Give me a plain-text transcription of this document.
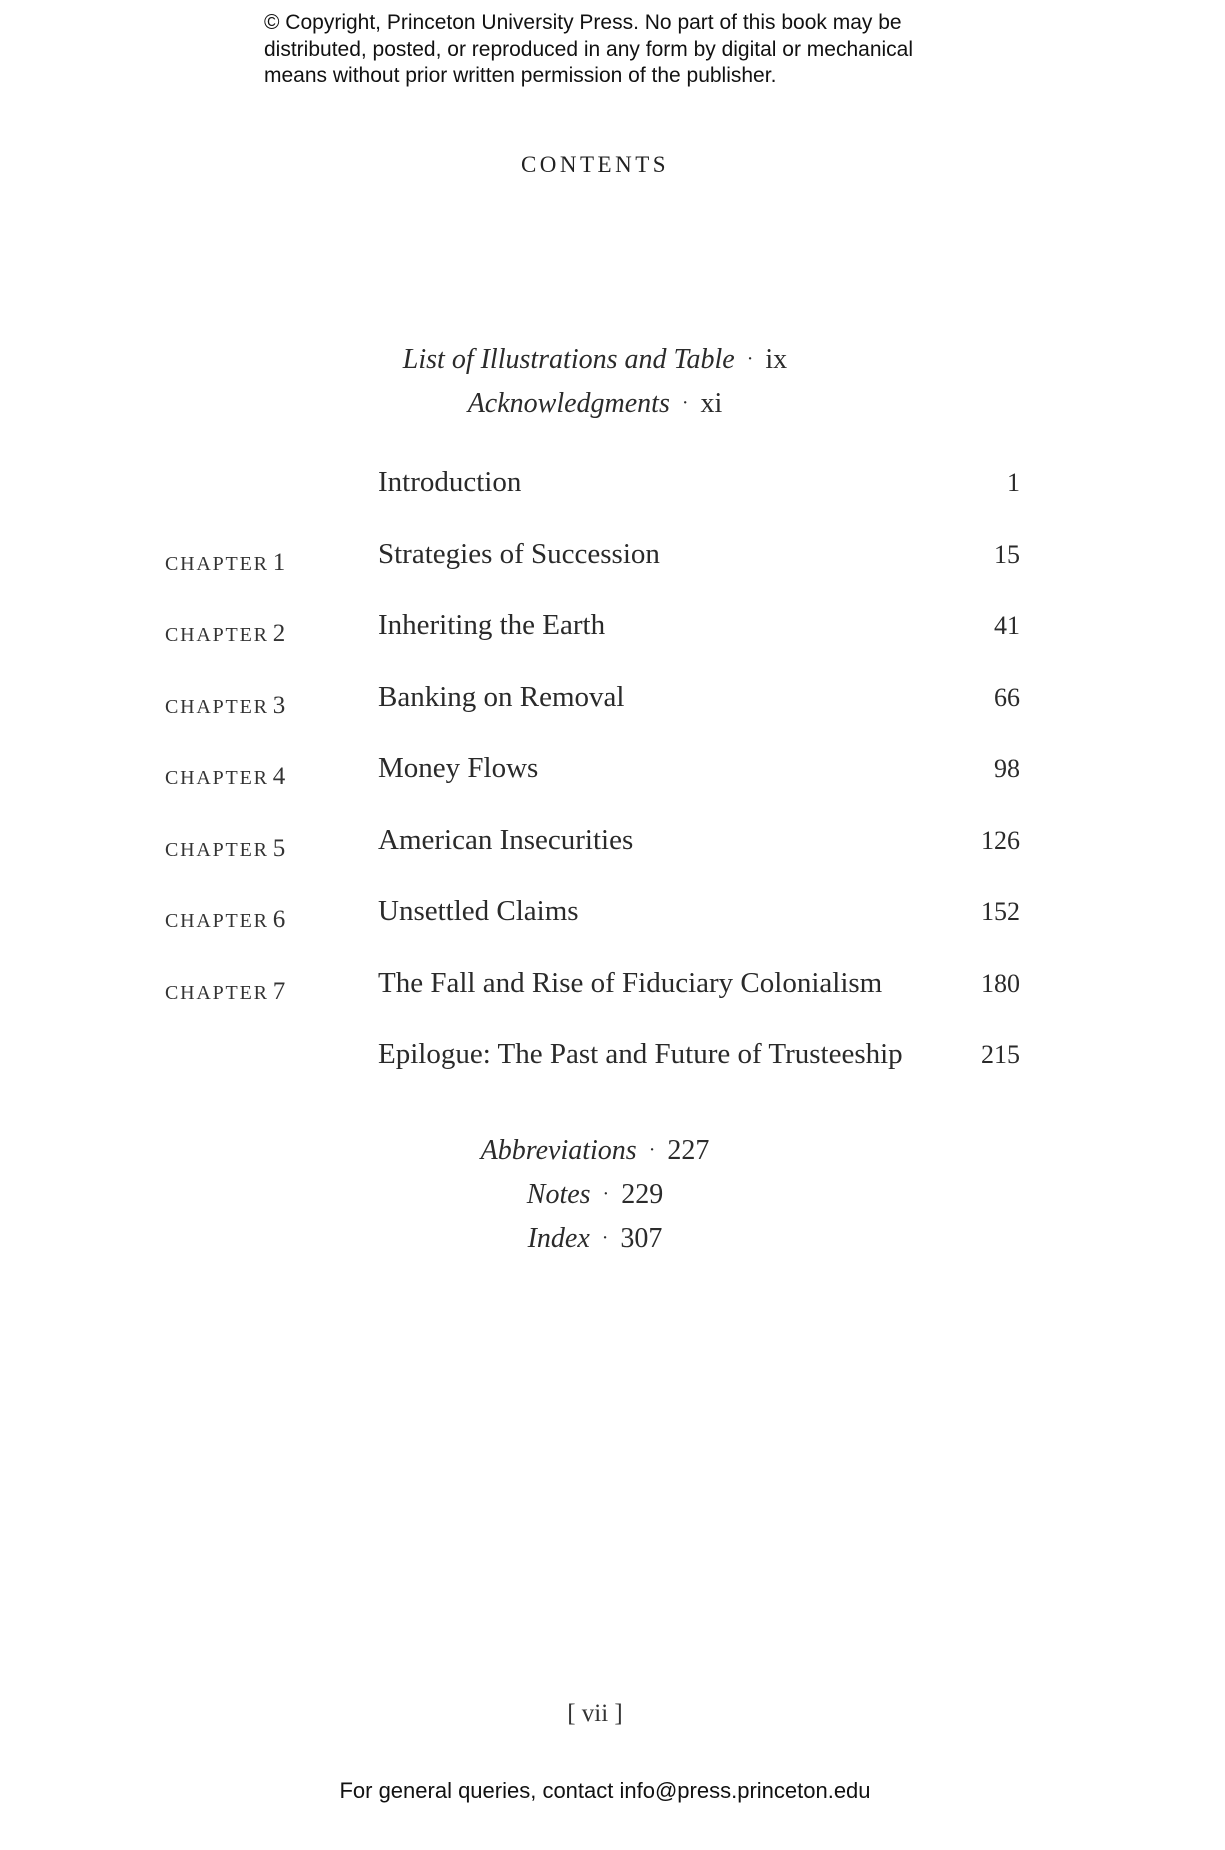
© Copyright, Princeton University Press. No part of this book may be
distributed, posted, or reproduced in any form by digital or mechanical
means without prior written permission of the publisher.
CONTENTS
List of Illustrations and Table · ix
Acknowledgments · xi
Introduction	1
CHAPTER 1	Strategies of Succession	15
CHAPTER 2	Inheriting the Earth	41
CHAPTER 3	Banking on Removal	66
CHAPTER 4	Money Flows	98
CHAPTER 5	American Insecurities	126
CHAPTER 6	Unsettled Claims	152
CHAPTER 7	The Fall and Rise of Fiduciary Colonialism	180
Epilogue: The Past and Future of Trusteeship	215
Abbreviations · 227
Notes · 229
Index · 307
[ vii ]
For general queries, contact info@press.princeton.edu
